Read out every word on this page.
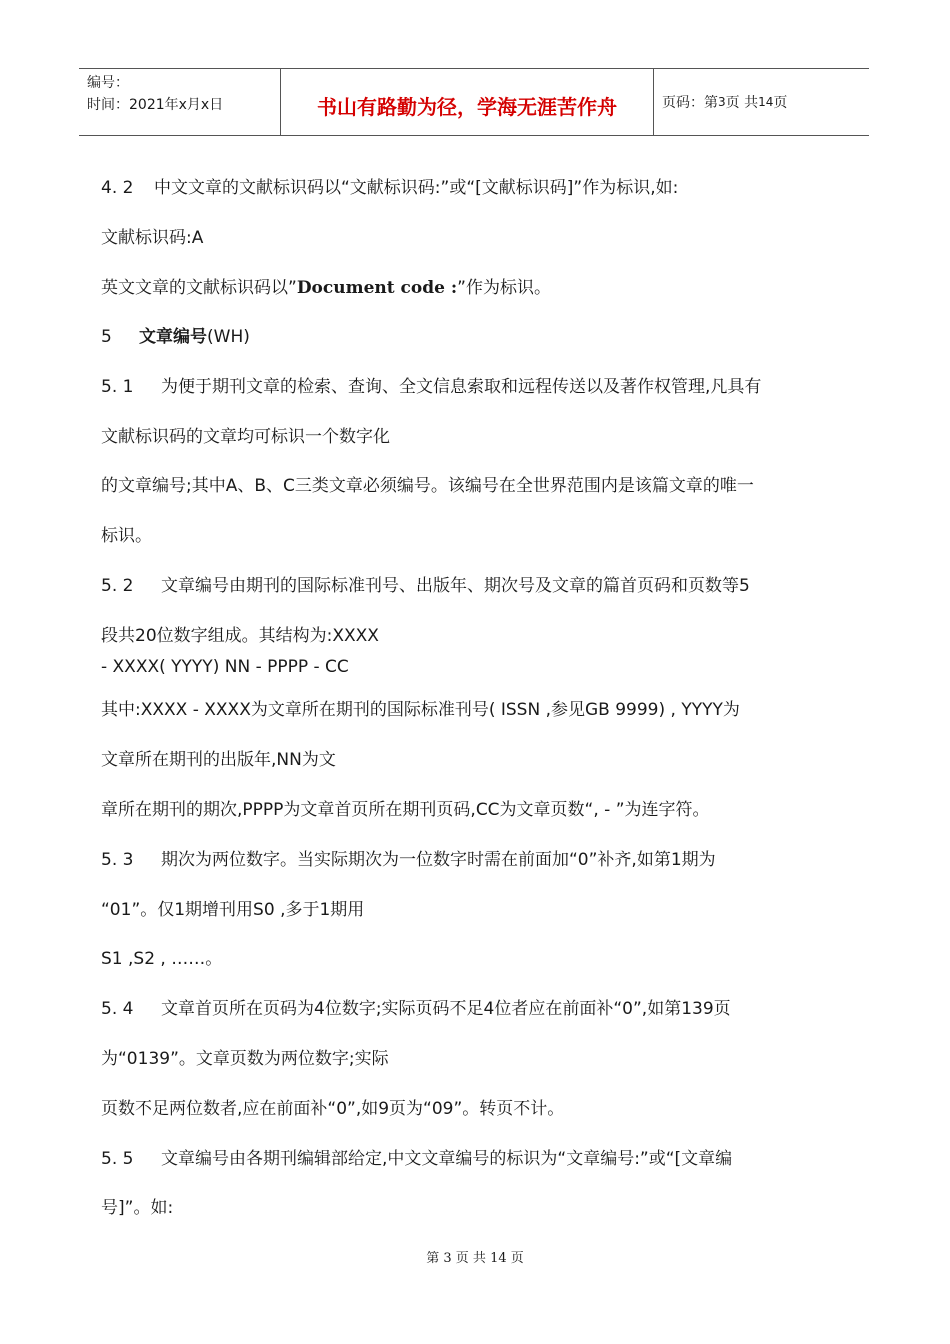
编号：
时间：2021年x月x日	书山有路勤为径，学海无涯苦作舟	页码：第 3 页 共 14 页
4. 2 中文文章的文献标识码以“文献标识码:”或“[文献标识码]”作为标识,如:
文献标识码:A
英文文章的文献标识码以”Document code :”作为标识。
5 文章编号(WH)
5. 1 为便于期刊文章的检索、查询、全文信息索取和远程传送以及著作权管理,凡具有
文献标识码的文章均可标识一个数字化
的文章编号;其中A、B、C三类文章必须编号。该编号在全世界范围内是该篇文章的唯一
标识。
5. 2 文章编号由期刊的国际标准刊号、出版年、期次号及文章的篇首页码和页数等5
段共20位数字组成。其结构为:XXXX
- XXXX( YYYY) NN - PPPP - CC
其中:XXXX - XXXX为文章所在期刊的国际标准刊号( ISSN ,参见GB 9999) , YYYY为
文章所在期刊的出版年,NN为文
章所在期刊的期次,PPPP为文章首页所在期刊页码,CC为文章页数“, - ”为连字符。
5. 3 期次为两位数字。当实际期次为一位数字时需在前面加“0”补齐,如第1期为
“01”。仅1期增刊用S0 ,多于1期用
S1 ,S2 , ……。
5. 4 文章首页所在页码为4位数字;实际页码不足4位者应在前面补“0”,如第139页
为“0139”。文章页数为两位数字;实际
页数不足两位数者,应在前面补“0”,如9页为“09”。转页不计。
5. 5 文章编号由各期刊编辑部给定,中文文章编号的标识为“文章编号:”或“[文章编
号]”。如:
第 3 页 共 14 页
